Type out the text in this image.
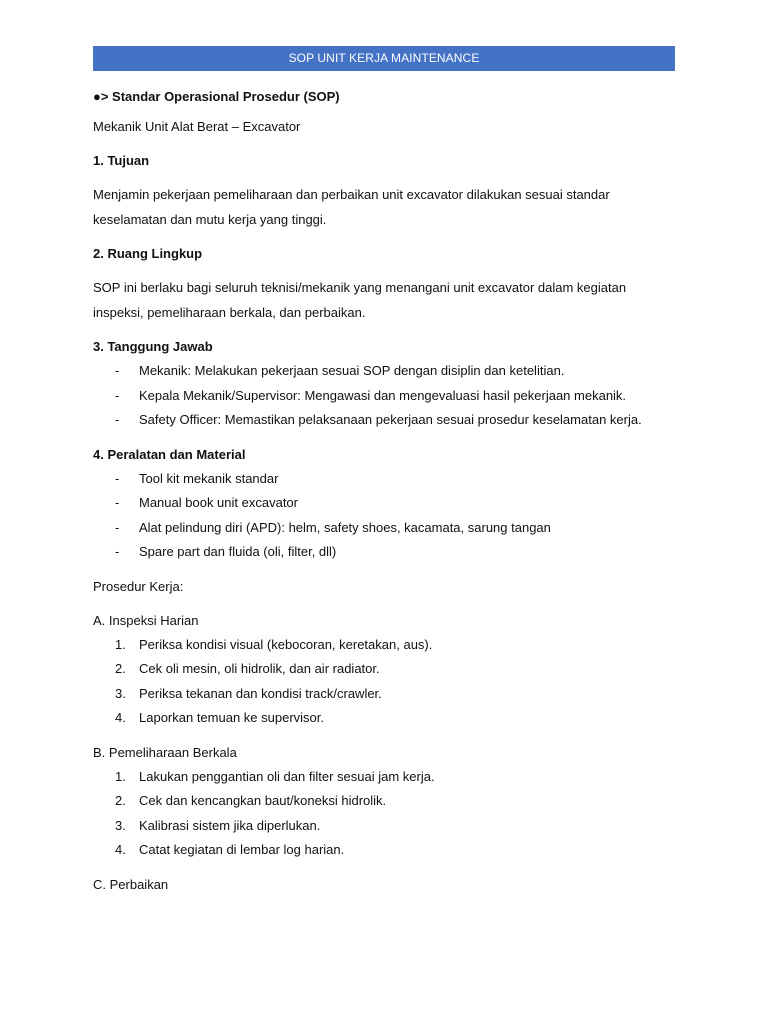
SOP UNIT KERJA MAINTENANCE
●> Standar Operasional Prosedur (SOP)
Mekanik Unit Alat Berat – Excavator
1. Tujuan
Menjamin pekerjaan pemeliharaan dan perbaikan unit excavator dilakukan sesuai standar keselamatan dan mutu kerja yang tinggi.
2. Ruang Lingkup
SOP ini berlaku bagi seluruh teknisi/mekanik yang menangani unit excavator dalam kegiatan inspeksi, pemeliharaan berkala, dan perbaikan.
3. Tanggung Jawab
- Mekanik: Melakukan pekerjaan sesuai SOP dengan disiplin dan ketelitian.
- Kepala Mekanik/Supervisor: Mengawasi dan mengevaluasi hasil pekerjaan mekanik.
- Safety Officer: Memastikan pelaksanaan pekerjaan sesuai prosedur keselamatan kerja.
4. Peralatan dan Material
- Tool kit mekanik standar
- Manual book unit excavator
- Alat pelindung diri (APD): helm, safety shoes, kacamata, sarung tangan
- Spare part dan fluida (oli, filter, dll)
Prosedur Kerja:
A. Inspeksi Harian
1. Periksa kondisi visual (kebocoran, keretakan, aus).
2. Cek oli mesin, oli hidrolik, dan air radiator.
3. Periksa tekanan dan kondisi track/crawler.
4. Laporkan temuan ke supervisor.
B. Pemeliharaan Berkala
1. Lakukan penggantian oli dan filter sesuai jam kerja.
2. Cek dan kencangkan baut/koneksi hidrolik.
3. Kalibrasi sistem jika diperlukan.
4. Catat kegiatan di lembar log harian.
C. Perbaikan
